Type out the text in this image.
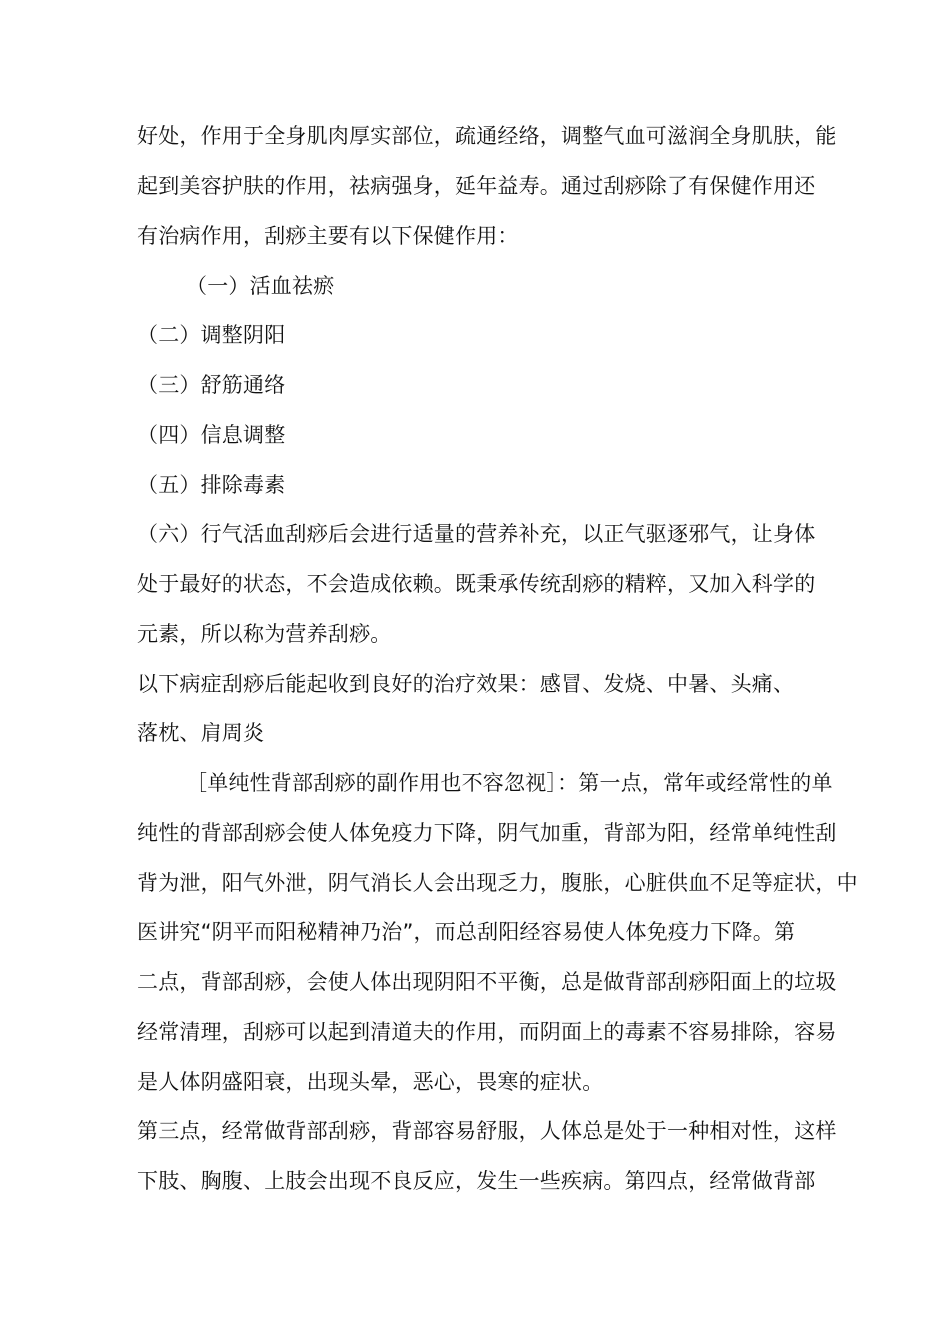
好处，作用于全身肌肉厚实部位，疏通经络，调整气血可滋润全身肌肤，能
起到美容护肤的作用，祛病强身，延年益寿。通过刮痧除了有保健作用还
有治病作用，刮痧主要有以下保健作用：
（一）活血祛瘀
（二）调整阴阳
（三）舒筋通络
（四）信息调整
（五）排除毒素
（六）行气活血刮痧后会进行适量的营养补充，以正气驱逐邪气，让身体
处于最好的状态，不会造成依赖。既秉承传统刮痧的精粹，又加入科学的
元素，所以称为营养刮痧。
以下病症刮痧后能起收到良好的治疗效果：感冒、发烧、中暑、头痛、
落枕、肩周炎
［单纯性背部刮痧的副作用也不容忽视］：第一点，常年或经常性的单
纯性的背部刮痧会使人体免疫力下降，阴气加重，背部为阳，经常单纯性刮
背为泄，阳气外泄，阴气消长人会出现乏力，腹胀，心脏供血不足等症状，中
医讲究“阴平而阳秘精神乃治”，而总刮阳经容易使人体免疫力下降。第
二点，背部刮痧，会使人体出现阴阳不平衡，总是做背部刮痧阳面上的垃圾
经常清理，刮痧可以起到清道夫的作用，而阴面上的毒素不容易排除，容易
是人体阴盛阳衰，出现头晕，恶心，畏寒的症状。
第三点，经常做背部刮痧，背部容易舒服，人体总是处于一种相对性，这样
下肢、胸腹、上肢会出现不良反应，发生一些疾病。第四点，经常做背部
